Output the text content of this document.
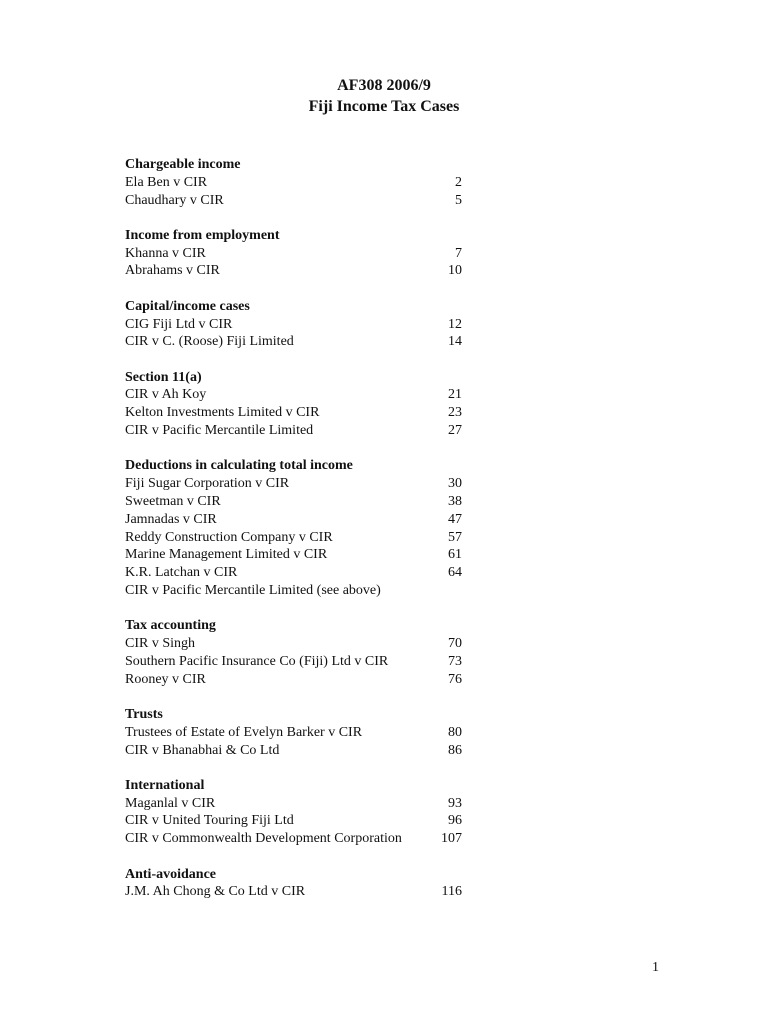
AF308 2006/9
Fiji Income Tax Cases
Chargeable income
Ela Ben v CIR	2
Chaudhary v CIR	5
Income from employment
Khanna v CIR	7
Abrahams v CIR	10
Capital/income cases
CIG Fiji Ltd v CIR	12
CIR v C. (Roose) Fiji Limited	14
Section 11(a)
CIR v Ah Koy	21
Kelton Investments Limited v CIR	23
CIR v Pacific Mercantile Limited	27
Deductions in calculating total income
Fiji Sugar Corporation v CIR	30
Sweetman v CIR	38
Jamnadas v CIR	47
Reddy Construction Company v CIR	57
Marine Management Limited v CIR	61
K.R. Latchan v CIR	64
CIR v Pacific Mercantile Limited (see above)
Tax accounting
CIR v Singh	70
Southern Pacific Insurance Co (Fiji) Ltd v CIR	73
Rooney v CIR	76
Trusts
Trustees of Estate of Evelyn Barker v CIR	80
CIR v Bhanabhai & Co Ltd	86
International
Maganlal v CIR	93
CIR v United Touring Fiji Ltd	96
CIR v Commonwealth Development Corporation	107
Anti-avoidance
J.M. Ah Chong & Co Ltd v CIR	116
1
